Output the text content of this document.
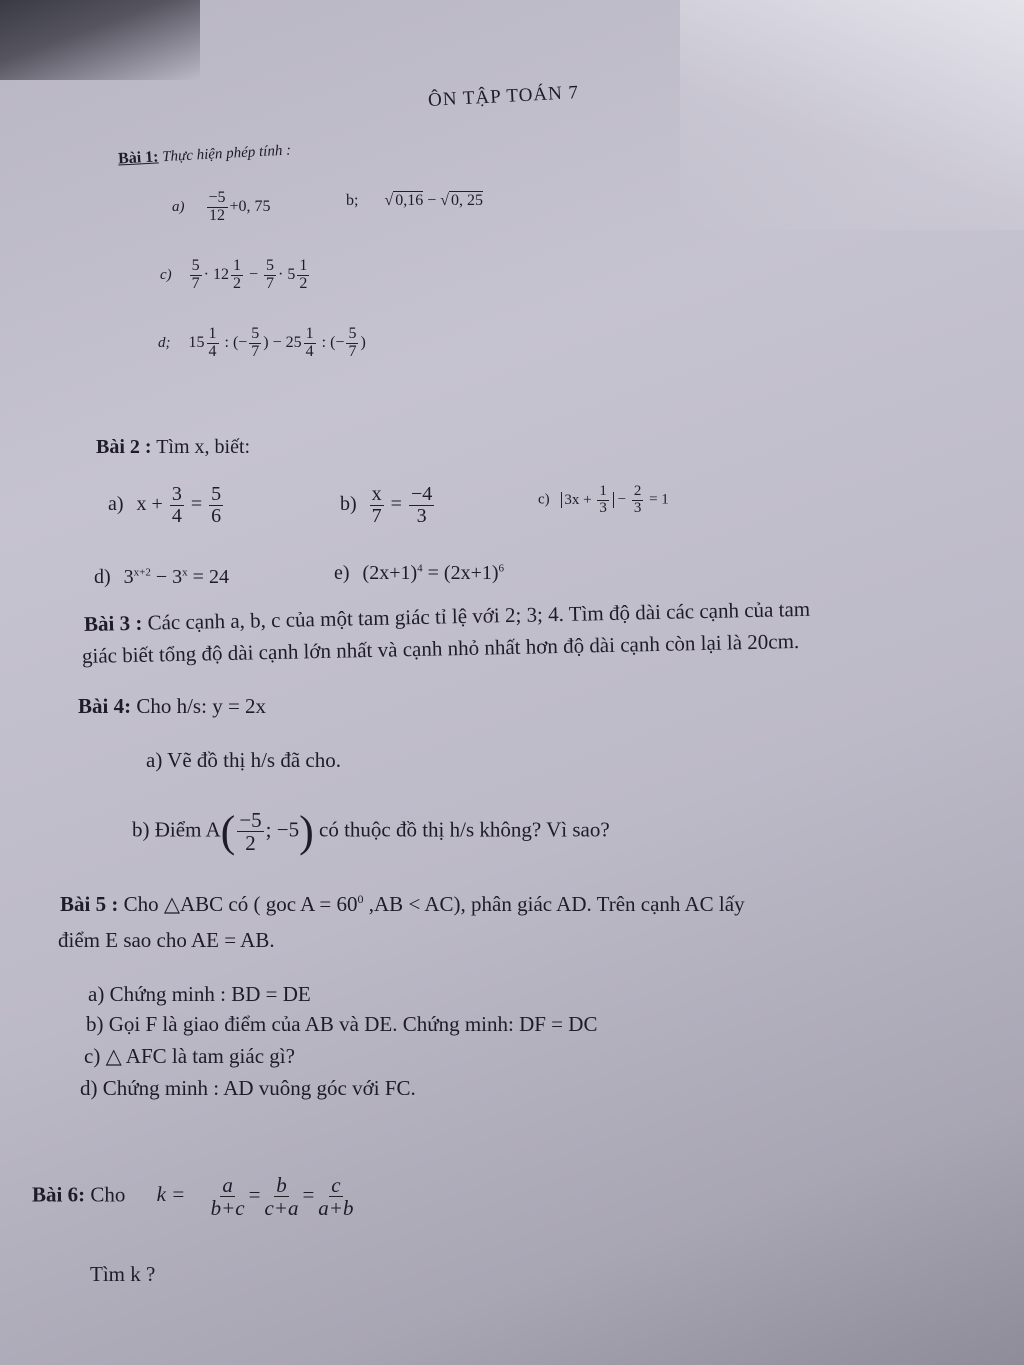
ÔN TẬP TOÁN 7
Bài 1: Thực hiện phép tính :
$a) \frac{-5}{12} +0$, 75	b; √ 0,16 − √ 0, 25
$c) \frac{5}{7} \cdot 12 \frac{1}{2} - \frac{5}{7} \cdot 5 \frac{1}{2}$
d; $15 \frac{1}{4}$ : (− $\frac{5}{7}$ ) − $25 \frac{1}{4}$ : (− $\frac{5}{7}$ )
Bài 2 : Tìm x, biết:
a) $x + \frac{3}{4} = \frac{5}{6}$	$b) \frac{x}{7} = \frac{-4}{3}$	c) $3x + \frac{1}{3} - \frac{2}{3} = 1$
d) $3^{x+2} - 3^x = 24$	e) $(2x+1)^4 = (2x+1)^6$
Bài 3 : Các cạnh a, b, c của một tam giác tỉ lệ với 2; 3; 4. Tìm độ dài các cạnh của tam
giác biết tổng độ dài cạnh lớn nhất và cạnh nhỏ nhất hơn độ dài cạnh còn lại là 20cm.
Bài 4: Cho h/s: y = 2x
a) Vẽ đồ thị h/s đã cho.
b) Điểm $A( \frac{-5}{2}$ ; −5) có thuộc đồ thị h/s không? Vì sao?
Bài 5 : Cho △ABC có ( goc $A = 60^0$ ,AB < AC), phân giác AD. Trên cạnh AC lấy
điểm E sao cho AE = AB.
a) Chứng minh : BD = DE
b) Gọi F là giao điểm của AB và DE. Chứng minh: DF = DC
c) △ AFC là tam giác gì?
d) Chứng minh : AD vuông góc với FC.
Bài 6: Cho $k = \frac{a}{b+c} = \frac{b}{c+a} = \frac{c}{a+b}$
Tìm k ?
